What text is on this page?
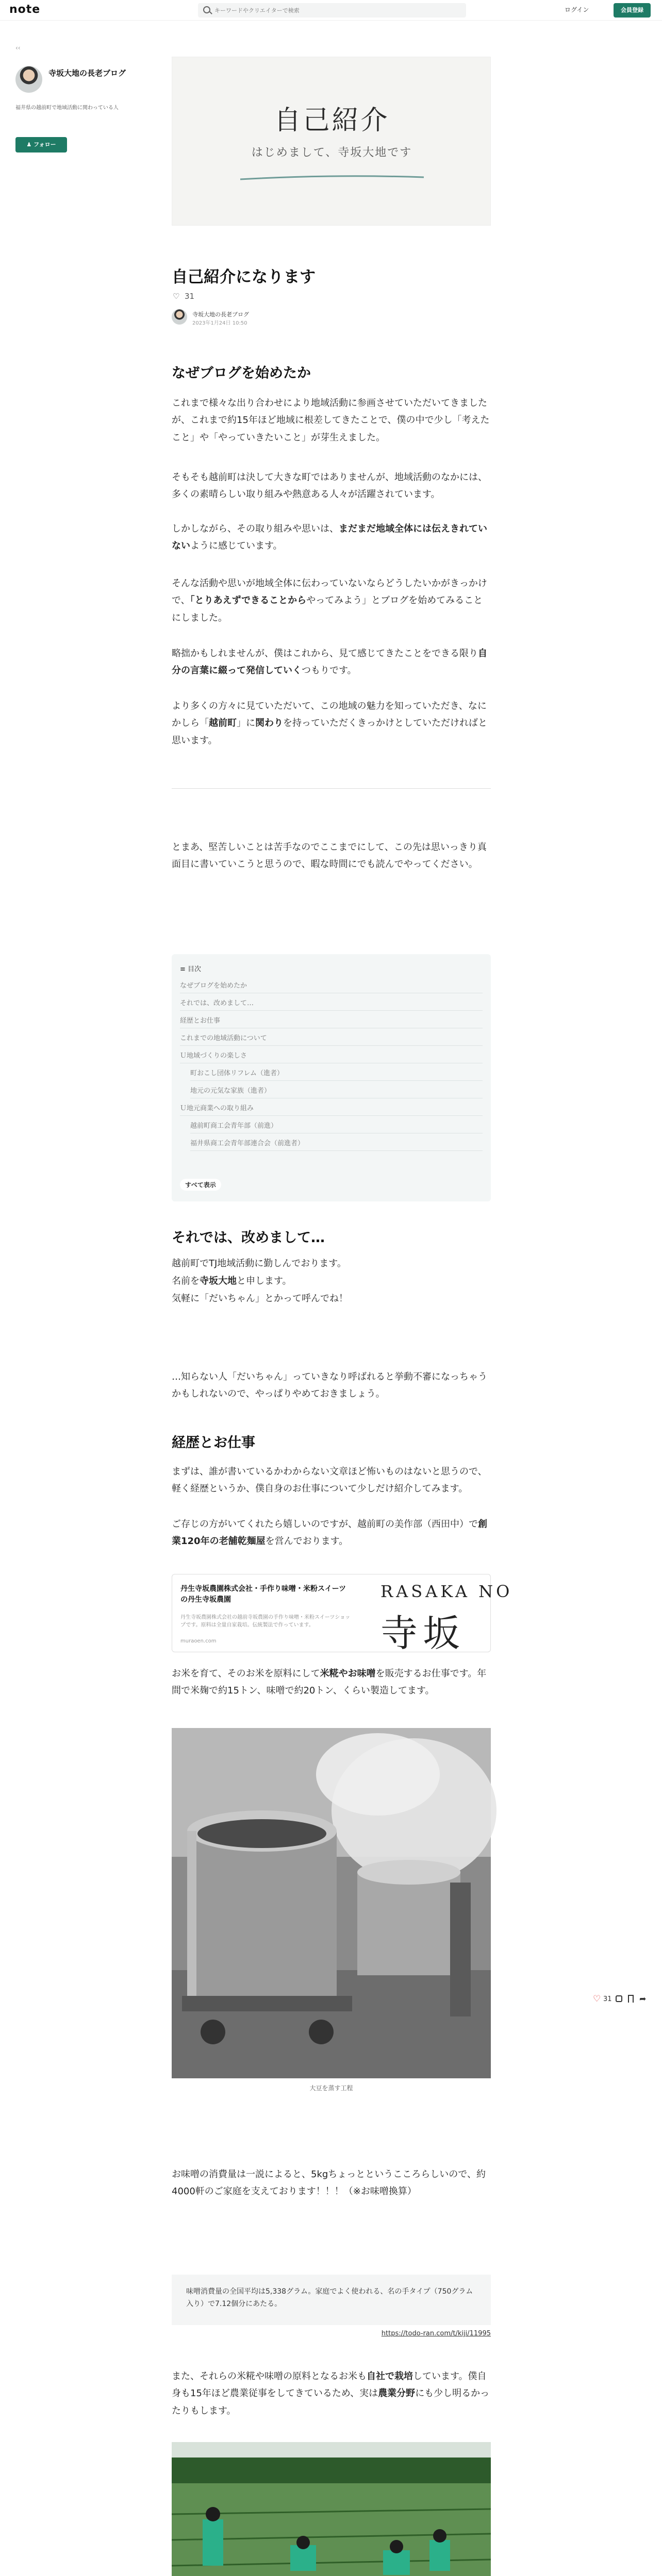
note
キーワードやクリエイターで検索	ログイン	会員登録
‹‹
寺坂大地の長老ブログ
福井県の越前町で地域活動に関わっている人
♟ フォロー
自己紹介
はじめまして、寺坂大地です
自己紹介になります
♡ 31
寺坂大地の長老ブログ
2023年1月24日 10:50
なぜブログを始めたか
これまで様々な出り合わせにより地域活動に参画させていただいてきましたが、これまで約15年ほど地域に根差してきたことで、僕の中で少し「考えたこと」や「やっていきたいこと」が芽生えました。
そもそも越前町は決して大きな町ではありませんが、地域活動のなかには、多くの素晴らしい取り組みや熱意ある人々が活躍されています。
しかしながら、その取り組みや思いは、まだまだ地域全体には伝えきれていないように感じています。
そんな活動や思いが地域全体に伝わっていないならどうしたいかがきっかけで、「とりあえずできることからやってみよう」とブログを始めてみることにしました。
略拙かもしれませんが、僕はこれから、見て感じてきたことをできる限り自分の言葉に綴って発信していくつもりです。
より多くの方々に見ていただいて、この地域の魅力を知っていただき、なにかしら「越前町」に関わりを持っていただくきっかけとしていただければと思います。
とまあ、堅苦しいことは苦手なのでここまでにして、この先は思いっきり真面目に書いていこうと思うので、暇な時間にでも読んでやってください。
≡ 目次
なぜブログを始めたか
それでは、改めまして…
経歴とお仕事
これまでの地域活動について
Ｕ地域づくりの楽しさ
町おこし団体リフレム（進者）
地元の元気な家族（進者）
Ｕ地元商業への取り組み
越前町商工会青年部（前進）
福井県商工会青年部連合会（前進者）
すべて表示
それでは、改めまして…
越前町でTJ地域活動に勤しんでおります。
名前を寺坂大地と申します。
気軽に「だいちゃん」とかって呼んでね！
…知らない人「だいちゃん」っていきなり呼ばれると挙動不審になっちゃうかもしれないので、やっぱりやめておきましょう。
経歴とお仕事
まずは、誰が書いているかわからない文章ほど怖いものはないと思うので、軽く経歴というか、僕自身のお仕事について少しだけ紹介してみます。
ご存じの方がいてくれたら嬉しいのですが、越前町の美作部（西田中）で創業120年の老舗乾麺屋を営んでおります。
丹生寺坂農園株式会社・手作り味噌・米粉スイーツの丹生寺坂農園
丹生寺坂農園株式会社の越前寺坂農園の手作り味噌・米粉スイーツショップです。原料は全量自家栽培。伝統製法で作っています。
muraoen.com
RASAKA NO
寺坂
お米を育て、そのお米を原料にして米糀やお味噌を販売するお仕事です。年間で米麹で約15トン、味噌で約20トン、くらい製造してます。
大豆を蒸す工程
お味噌の消費量は一説によると、5kgちょっとというこころらしいので、約4000軒のご家庭を支えております！！！（※お味噌換算）
味噌消費量の全国平均は5,338グラム。家庭でよく使われる、名の手タイプ（750グラム入り）で7.12個分にあたる。
https://todo-ran.com/t/kiji/11995
また、それらの米糀や味噌の原料となるお米も自社で栽培しています。僕自身も15年ほど農業従事をしてきているため、実は農業分野にも少し明るかったりもします。
♡ 31	➦
